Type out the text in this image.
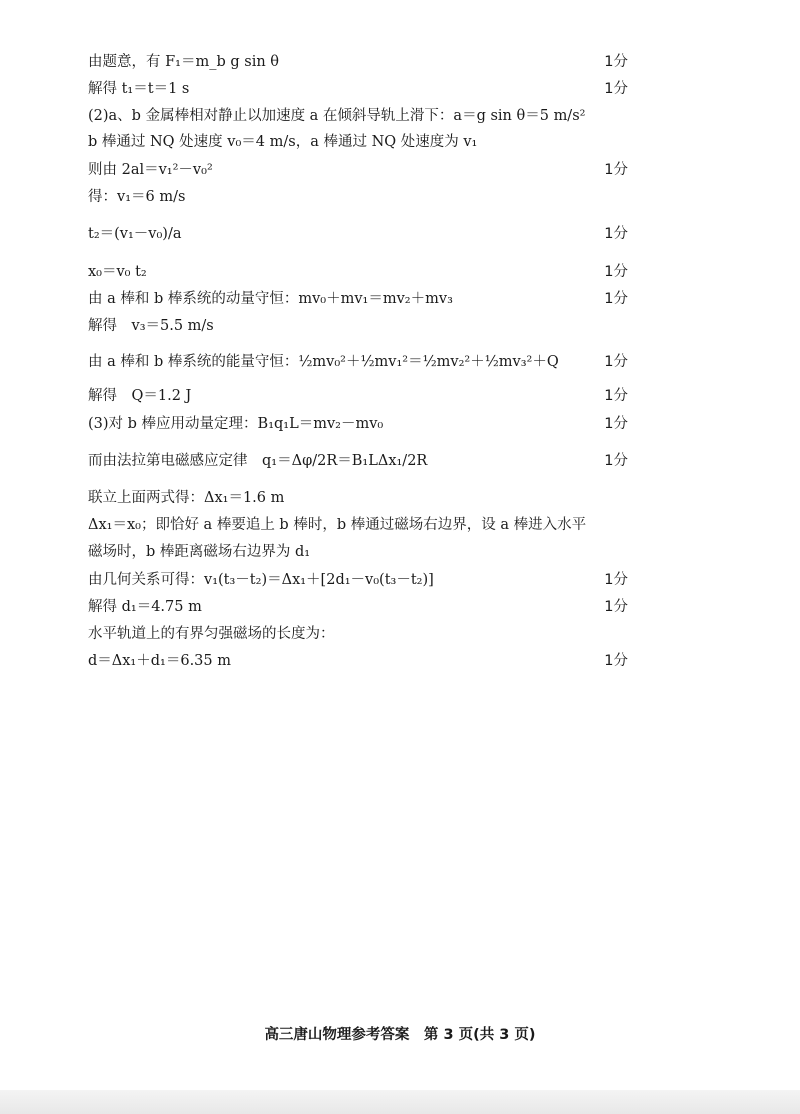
由题意，有 F₁＝m_b g sin θ	1分
解得 t₁＝t＝1 s	1分
(2)a、b 金属棒相对静止以加速度 a 在倾斜导轨上滑下：a＝g sin θ＝5 m/s²
b 棒通过 NQ 处速度 v₀＝4 m/s，a 棒通过 NQ 处速度为 v₁
则由 2al＝v₁²－v₀²	1分
得：v₁＝6 m/s
t₂＝(v₁－v₀)/a	1分
x₀＝v₀ t₂	1分
由 a 棒和 b 棒系统的动量守恒：mv₀＋mv₁＝mv₂＋mv₃	1分
解得　v₃＝5.5 m/s
由 a 棒和 b 棒系统的能量守恒：½mv₀²＋½mv₁²＝½mv₂²＋½mv₃²＋Q	1分
解得　Q＝1.2 J	1分
(3)对 b 棒应用动量定理：B₁q₁L＝mv₂－mv₀	1分
而由法拉第电磁感应定律　q₁＝Δφ/2R＝B₁LΔx₁/2R	1分
联立上面两式得：Δx₁＝1.6 m
Δx₁＝x₀；即恰好 a 棒要追上 b 棒时，b 棒通过磁场右边界，设 a 棒进入水平
磁场时，b 棒距离磁场右边界为 d₁
由几何关系可得：v₁(t₃－t₂)＝Δx₁＋[2d₁－v₀(t₃－t₂)]	1分
解得 d₁＝4.75 m	1分
水平轨道上的有界匀强磁场的长度为：
d＝Δx₁＋d₁＝6.35 m	1分
高三唐山物理参考答案　第 3 页(共 3 页)
